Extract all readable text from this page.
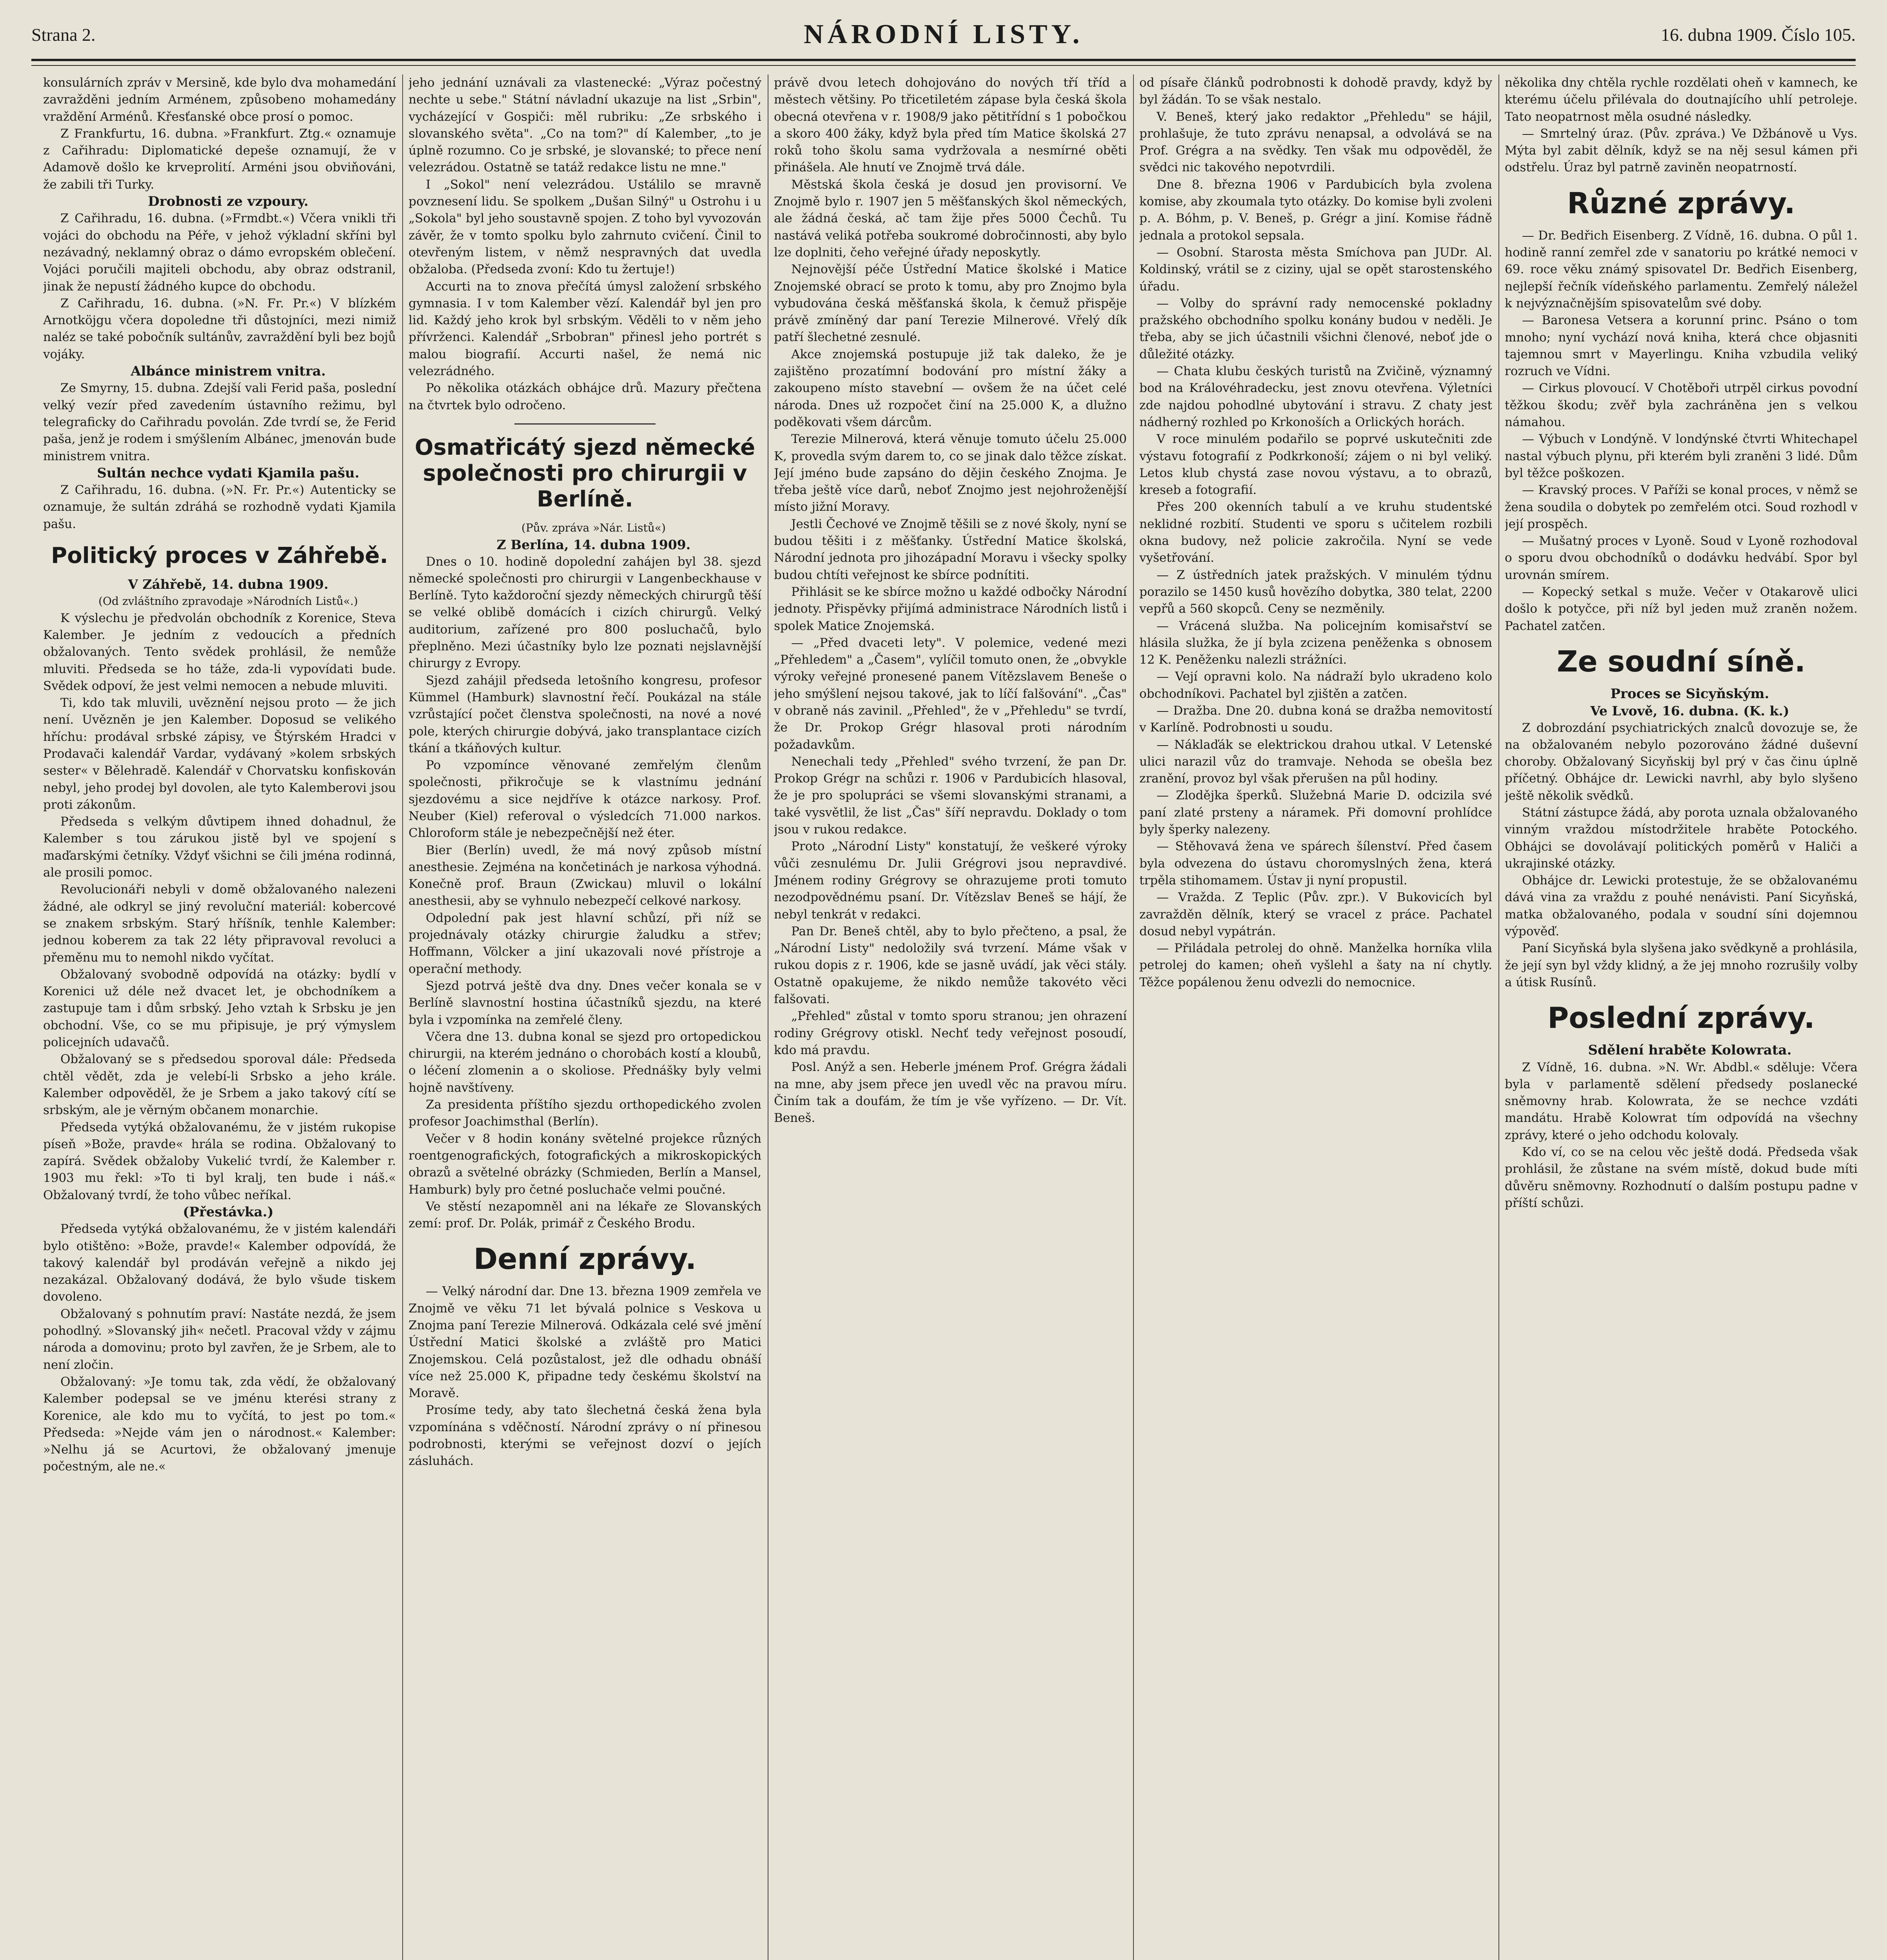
Strana 2.	NÁRODNÍ LISTY.	16. dubna 1909. Číslo 105.

konsulárních zpráv v Mersině, kde bylo dva mohamedání zavražděni jedním Arménem, způsobeno mohamedány vraždění Arménů. Křesťanské obce prosí o pomoc.

Z Frankfurtu, 16. dubna. »Frankfurt. Ztg.« oznamuje z Cařihradu: Diplomatické depeše oznamují, že v Adamově došlo ke krveprolití. Arméni jsou obviňováni, že zabili tři Turky.

Drobnosti ze vzpoury.

Z Cařihradu, 16. dubna. (»Frmdbt.«) Včera vnikli tři vojáci do obchodu na Péře, v jehož výkladní skříni byl nezávadný, neklamný obraz o dámo evropském oblečení. Vojáci poručili majiteli obchodu, aby obraz odstranil, jinak že nepustí žádného kupce do obchodu.

Z Cařihradu, 16. dubna. (»N. Fr. Pr.«) V blízkém Arnotköjgu včera dopoledne tři důstojníci, mezi nimiž naléz se také pobočník sultánův, zavraždění byli bez bojů vojáky.

Albánce ministrem vnitra.

Ze Smyrny, 15. dubna. Zdejší vali Ferid paša, poslední velký vezír před zavedením ústavního režimu, byl telegraficky do Cařihradu povolán. Zde tvrdí se, že Ferid paša, jenž je rodem i smýšlením Albánec, jmenován bude ministrem vnitra.

Sultán nechce vydati Kjamila pašu.

Z Cařihradu, 16. dubna. (»N. Fr. Pr.«) Autenticky se oznamuje, že sultán zdráhá se rozhodně vydati Kjamila pašu.

Politický proces v Záhřebě.

V Záhřebě, 14. dubna 1909.

(Od zvláštního zpravodaje »Národních Listů«.)

K výslechu je předvolán obchodník z Korenice, Steva Kalember. Je jedním z vedoucích a předních obžalovaných. Tento svědek prohlásil, že nemůže mluviti. Předseda se ho táže, zda-li vypovídati bude. Svědek odpoví, že jest velmi nemocen a nebude mluviti.

Ti, kdo tak mluvili, uvěznění nejsou proto — že jich není. Uvězněn je jen Kalember. Doposud se velikého hříchu: prodával srbské zápisy, ve Štýrském Hradci v Prodavači kalendář Vardar, vydávaný »kolem srbských sester« v Bělehradě. Kalendář v Chorvatsku konfiskován nebyl, jeho prodej byl dovolen, ale tyto Kalemberovi jsou proti zákonům.

Předseda s velkým důvtipem ihned dohadnul, že Kalember s tou zárukou jistě byl ve spojení s maďarskými četníky. Vždyť všichni se čili jména rodinná, ale prosili pomoc.

Revolucionáři nebyli v domě obžalovaného nalezeni žádné, ale odkryl se jiný revoluční materiál: kobercové se znakem srbským. Starý hříšník, tenhle Kalember: jednou koberem za tak 22 léty připravoval revoluci a přeměnu mu to nemohl nikdo vyčítat.

Obžalovaný svobodně odpovídá na otázky: bydlí v Korenici už déle než dvacet let, je obchodníkem a zastupuje tam i dům srbský. Jeho vztah k Srbsku je jen obchodní. Vše, co se mu připisuje, je prý výmyslem policejních udavačů.

Obžalovaný se s předsedou sporoval dále: Předseda chtěl vědět, zda je velebí-li Srbsko a jeho krále. Kalember odpověděl, že je Srbem a jako takový cítí se srbským, ale je věrným občanem monarchie.

Předseda vytýká obžalovanému, že v jistém rukopise píseň »Bože, pravde« hrála se rodina. Obžalovaný to zapírá. Svědek obžaloby Vukelić tvrdí, že Kalember r. 1903 mu řekl: »To ti byl kralj, ten bude i náš.« Obžalovaný tvrdí, že toho vůbec neříkal.

(Přestávka.)

Předseda vytýká obžalovanému, že v jistém kalendáři bylo otištěno: »Bože, pravde!« Kalember odpovídá, že takový kalendář byl prodáván veřejně a nikdo jej nezakázal. Obžalovaný dodává, že bylo všude tiskem dovoleno.

Obžalovaný s pohnutím praví: Nastáte nezdá, že jsem pohodlný. »Slovanský jih« nečetl. Pracoval vždy v zájmu národa a domovinu; proto byl zavřen, že je Srbem, ale to není zločin.

Obžalovaný: »Je tomu tak, zda vědí, že obžalovaný Kalember podepsal se ve jménu kterési strany z Korenice, ale kdo mu to vyčítá, to jest po tom.« Předseda: »Nejde vám jen o národnost.« Kalember: »Nelhu já se Acurtovi, že obžalovaný jmenuje počestným, ale ne.«

jeho jednání uznávali za vlastenecké: „Výraz počestný nechte u sebe." Státní návladní ukazuje na list „Srbin", vycházející v Gospiči: měl rubriku: „Ze srbského i slovanského světa". „Co na tom?" dí Kalember, „to je úplně rozumno. Co je srbské, je slovanské; to přece není velezrádou. Ostatně se tatáž redakce listu ne mne."

I „Sokol" není velezrádou. Ustálilo se mravně povznesení lidu. Se spolkem „Dušan Silný" u Ostrohu i u „Sokola" byl jeho soustavně spojen. Z toho byl vyvozován závěr, že v tomto spolku bylo zahrnuto cvičení. Činil to otevřeným listem, v němž nespravných dat uvedla obžaloba. (Předseda zvoní: Kdo tu žertuje!)

Accurti na to znova přečítá úmysl založení srbského gymnasia. I v tom Kalember vězí. Kalendář byl jen pro lid. Každý jeho krok byl srbským. Věděli to v něm jeho přívrženci. Kalendář „Srbobran" přinesl jeho portrét s malou biografií. Accurti našel, že nemá nic velezrádného.

Po několika otázkách obhájce drů. Mazury přečtena na čtvrtek bylo odročeno.

Osmatřicátý sjezd německé společnosti pro chirurgii v Berlíně.

(Pův. zpráva »Nár. Listů«)

Z Berlína, 14. dubna 1909.

Dnes o 10. hodině dopolední zahájen byl 38. sjezd německé společnosti pro chirurgii v Langenbeckhause v Berlíně. Tyto každoroční sjezdy německých chirurgů těší se velké oblibě domácích i cizích chirurgů. Velký auditorium, zařízené pro 800 posluchačů, bylo přeplněno. Mezi účastníky bylo lze poznati nejslavnější chirurgy z Evropy.

Sjezd zahájil předseda letošního kongresu, profesor Kümmel (Hamburk) slavnostní řečí. Poukázal na stále vzrůstající počet členstva společnosti, na nové a nové pole, kterých chirurgie dobývá, jako transplantace cizích tkání a tkáňových kultur.

Po vzpomínce věnované zemřelým členům společnosti, přikročuje se k vlastnímu jednání sjezdovému a sice nejdříve k otázce narkosy. Prof. Neuber (Kiel) referoval o výsledcích 71.000 narkos. Chloroform stále je nebezpečnější než éter.

Bier (Berlín) uvedl, že má nový způsob místní anesthesie. Zejména na končetinách je narkosa výhodná. Konečně prof. Braun (Zwickau) mluvil o lokální anesthesii, aby se vyhnulo nebezpečí celkové narkosy.

Odpolední pak jest hlavní schůzí, při níž se projednávaly otázky chirurgie žaludku a střev; Hoffmann, Völcker a jiní ukazovali nové přístroje a operační methody.

Sjezd potrvá ještě dva dny. Dnes večer konala se v Berlíně slavnostní hostina účastníků sjezdu, na které byla i vzpomínka na zemřelé členy.

Včera dne 13. dubna konal se sjezd pro ortopedickou chirurgii, na kterém jednáno o chorobách kostí a kloubů, o léčení zlomenin a o skoliose. Přednášky byly velmi hojně navštíveny.

Za presidenta příštího sjezdu orthopedického zvolen profesor Joachimsthal (Berlín).

Večer v 8 hodin konány světelné projekce různých roentgenografických, fotografických a mikroskopických obrazů a světelné obrázky (Schmieden, Berlín a Mansel, Hamburk) byly pro četné posluchače velmi poučné.

Ve stěstí nezapomněl ani na lékaře ze Slovanských zemí: prof. Dr. Polák, primář z Českého Brodu.

Denní zprávy.

— Velký národní dar. Dne 13. března 1909 zemřela ve Znojmě ve věku 71 let bývalá polnice s Veskova u Znojma paní Terezie Milnerová. Odkázala celé své jmění Ústřední Matici školské a zvláště pro Matici Znojemskou. Celá pozůstalost, jež dle odhadu obnáší více než 25.000 K, připadne tedy českému školství na Moravě.

Prosíme tedy, aby tato šlechetná česká žena byla vzpomínána s vděčností. Národní zprávy o ní přinesou podrobnosti, kterými se veřejnost dozví o jejích zásluhách.

právě dvou letech dohojováno do nových tří tříd a městech většiny. Po třicetiletém zápase byla česká škola obecná otevřena v r. 1908/9 jako pětitřídní s 1 pobočkou a skoro 400 žáky, když byla před tím Matice školská 27 roků toho školu sama vydržovala a nesmírné oběti přinášela. Ale hnutí ve Znojmě trvá dále.

Městská škola česká je dosud jen provisorní. Ve Znojmě bylo r. 1907 jen 5 měšťanských škol německých, ale žádná česká, ač tam žije přes 5000 Čechů. Tu nastává veliká potřeba soukromé dobročinnosti, aby bylo lze doplniti, čeho veřejné úřady neposkytly.

Nejnovější péče Ústřední Matice školské i Matice Znojemské obrací se proto k tomu, aby pro Znojmo byla vybudována česká měšťanská škola, k čemuž přispěje právě zmíněný dar paní Terezie Milnerové. Vřelý dík patří šlechetné zesnulé.

Akce znojemská postupuje již tak daleko, že je zajištěno prozatímní bodování pro místní žáky a zakoupeno místo stavební — ovšem že na účet celé národa. Dnes už rozpočet činí na 25.000 K, a dlužno poděkovati všem dárcům.

Terezie Milnerová, která věnuje tomuto účelu 25.000 K, provedla svým darem to, co se jinak dalo těžce získat. Její jméno bude zapsáno do dějin českého Znojma. Je třeba ještě více darů, neboť Znojmo jest nejohroženější místo jižní Moravy.

Jestli Čechové ve Znojmě těšili se z nové školy, nyní se budou těšiti i z měšťanky. Ústřední Matice školská, Národní jednota pro jihozápadní Moravu i všecky spolky budou chtíti veřejnost ke sbírce podnítiti.

Přihlásit se ke sbírce možno u každé odbočky Národní jednoty. Přispěvky přijímá administrace Národních listů i spolek Matice Znojemská.

— „Před dvaceti lety". V polemice, vedené mezi „Přehledem" a „Časem", vylíčil tomuto onen, že „obvykle výroky veřejné pronesené panem Vítězslavem Beneše o jeho smýšlení nejsou takové, jak to líčí falšování". „Čas" v obraně nás zavinil. „Přehled", že v „Přehledu" se tvrdí, že Dr. Prokop Grégr hlasoval proti národním požadavkům.

Nenechali tedy „Přehled" svého tvrzení, že pan Dr. Prokop Grégr na schůzi r. 1906 v Pardubicích hlasoval, že je pro spolupráci se všemi slovanskými stranami, a také vysvětlil, že list „Čas" šíří nepravdu. Doklady o tom jsou v rukou redakce.

Proto „Národní Listy" konstatují, že veškeré výroky vůči zesnulému Dr. Julii Grégrovi jsou nepravdivé. Jménem rodiny Grégrovy se ohrazujeme proti tomuto nezodpovědnému psaní. Dr. Vítězslav Beneš se hájí, že nebyl tenkrát v redakci.

Pan Dr. Beneš chtěl, aby to bylo přečteno, a psal, že „Národní Listy" nedoložily svá tvrzení. Máme však v rukou dopis z r. 1906, kde se jasně uvádí, jak věci stály. Ostatně opakujeme, že nikdo nemůže takovéto věci falšovati.

„Přehled" zůstal v tomto sporu stranou; jen ohrazení rodiny Grégrovy otiskl. Nechť tedy veřejnost posoudí, kdo má pravdu.

Posl. Anýž a sen. Heberle jménem Prof. Grégra žádali na mne, aby jsem přece jen uvedl věc na pravou míru. Činím tak a doufám, že tím je vše vyřízeno. — Dr. Vít. Beneš.

od písaře článků podrobnosti k dohodě pravdy, když by byl žádán. To se však nestalo.

V. Beneš, který jako redaktor „Přehledu" se hájil, prohlašuje, že tuto zprávu nenapsal, a odvolává se na Prof. Grégra a na svědky. Ten však mu odpověděl, že svědci nic takového nepotvrdili.

Dne 8. března 1906 v Pardubicích byla zvolena komise, aby zkoumala tyto otázky. Do komise byli zvoleni p. A. Bóhm, p. V. Beneš, p. Grégr a jiní. Komise řádně jednala a protokol sepsala.

— Osobní. Starosta města Smíchova pan JUDr. Al. Koldinský, vrátil se z ciziny, ujal se opět starostenského úřadu.

— Volby do správní rady nemocenské pokladny pražského obchodního spolku konány budou v neděli. Je třeba, aby se jich účastnili všichni členové, neboť jde o důležité otázky.

— Chata klubu českých turistů na Zvičině, významný bod na Královéhradecku, jest znovu otevřena. Výletníci zde najdou pohodlné ubytování i stravu. Z chaty jest nádherný rozhled po Krkonoších a Orlických horách.

V roce minulém podařilo se poprvé uskutečniti zde výstavu fotografií z Podkrkonoší; zájem o ni byl veliký. Letos klub chystá zase novou výstavu, a to obrazů, kreseb a fotografií.

Přes 200 okenních tabulí a ve kruhu studentské neklidné rozbití. Studenti ve sporu s učitelem rozbili okna budovy, než policie zakročila. Nyní se vede vyšetřování.

— Z ústředních jatek pražských. V minulém týdnu porazilo se 1450 kusů hovězího dobytka, 380 telat, 2200 vepřů a 560 skopců. Ceny se nezměnily.

— Vrácená služba. Na policejním komisařství se hlásila služka, že jí byla zcizena peněženka s obnosem 12 K. Peněženku nalezli strážníci.

— Vejí opravni kolo. Na nádraží bylo ukradeno kolo obchodníkovi. Pachatel byl zjištěn a zatčen.

— Dražba. Dne 20. dubna koná se dražba nemovitostí v Karlíně. Podrobnosti u soudu.

— Náklaďák se elektrickou drahou utkal. V Letenské ulici narazil vůz do tramvaje. Nehoda se obešla bez zranění, provoz byl však přerušen na půl hodiny.

— Zlodějka šperků. Služebná Marie D. odcizila své paní zlaté prsteny a náramek. Při domovní prohlídce byly šperky nalezeny.

— Stěhovavá žena ve spárech šílenství. Před časem byla odvezena do ústavu choromyslných žena, která trpěla stihomamem. Ústav ji nyní propustil.

— Vražda. Z Teplic (Pův. zpr.). V Bukovicích byl zavražděn dělník, který se vracel z práce. Pachatel dosud nebyl vypátrán.

— Přiládala petrolej do ohně. Manželka horníka vlila petrolej do kamen; oheň vyšlehl a šaty na ní chytly. Těžce popálenou ženu odvezli do nemocnice.

několika dny chtěla rychle rozdělati oheň v kamnech, ke kterému účelu přilévala do doutnajícího uhlí petroleje. Tato neopatrnost měla osudné následky.

— Smrtelný úraz. (Pův. zpráva.) Ve Džbánově u Vys. Mýta byl zabit dělník, když se na něj sesul kámen při odstřelu. Úraz byl patrně zaviněn neopatrností.

Různé zprávy.

— Dr. Bedřich Eisenberg. Z Vídně, 16. dubna. O půl 1. hodině ranní zemřel zde v sanatoriu po krátké nemoci v 69. roce věku známý spisovatel Dr. Bedřich Eisenberg, nejlepší řečník vídeňského parlamentu. Zemřelý náležel k nejvýznačnějším spisovatelům své doby.

— Baronesa Vetsera a korunní princ. Psáno o tom mnoho; nyní vychází nová kniha, která chce objasniti tajemnou smrt v Mayerlingu. Kniha vzbudila veliký rozruch ve Vídni.

— Cirkus plovoucí. V Chotěboři utrpěl cirkus povodní těžkou škodu; zvěř byla zachráněna jen s velkou námahou.

— Výbuch v Londýně. V londýnské čtvrti Whitechapel nastal výbuch plynu, při kterém byli zraněni 3 lidé. Dům byl těžce poškozen.

— Kravský proces. V Paříži se konal proces, v němž se žena soudila o dobytek po zemřelém otci. Soud rozhodl v její prospěch.

— Mušatný proces v Lyoně. Soud v Lyoně rozhodoval o sporu dvou obchodníků o dodávku hedvábí. Spor byl urovnán smírem.

— Kopecký setkal s muže. Večer v Otakarově ulici došlo k potyčce, při níž byl jeden muž zraněn nožem. Pachatel zatčen.

Ze soudní síně.

Proces se Sicyňským.

Ve Lvově, 16. dubna. (K. k.)

Z dobrozdání psychiatrických znalců dovozuje se, že na obžalovaném nebylo pozorováno žádné duševní choroby. Obžalovaný Sicyňskij byl prý v čas činu úplně příčetný. Obhájce dr. Lewicki navrhl, aby bylo slyšeno ještě několik svědků.

Státní zástupce žádá, aby porota uznala obžalovaného vinným vraždou místodržitele hraběte Potockého. Obhájci se dovolávají politických poměrů v Haliči a ukrajinské otázky.

Obhájce dr. Lewicki protestuje, že se obžalovanému dává vina za vraždu z pouhé nenávisti. Paní Sicyňská, matka obžalovaného, podala v soudní síni dojemnou výpověď.

Paní Sicyňská byla slyšena jako svědkyně a prohlásila, že její syn byl vždy klidný, a že jej mnoho rozrušily volby a útisk Rusínů.

Poslední zprávy.

Sdělení hraběte Kolowrata.

Z Vídně, 16. dubna. »N. Wr. Abdbl.« sděluje: Včera byla v parlamentě sdělení předsedy poslanecké sněmovny hrab. Kolowrata, že se nechce vzdáti mandátu. Hrabě Kolowrat tím odpovídá na všechny zprávy, které o jeho odchodu kolovaly.

Kdo ví, co se na celou věc ještě dodá. Předseda však prohlásil, že zůstane na svém místě, dokud bude míti důvěru sněmovny. Rozhodnutí o dalším postupu padne v příští schůzi.
